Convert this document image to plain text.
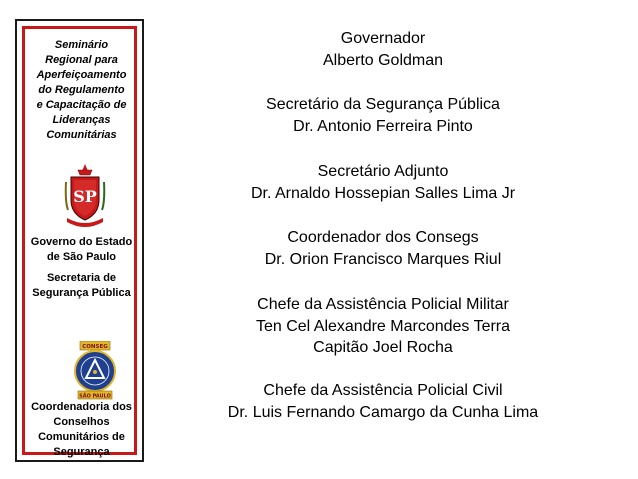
Seminário
Regional para
Aperfeiçoamento
do Regulamento
e Capacitação de
Lideranças
Comunitárias
SP
Governo do Estado
de São Paulo
Secretaria de
Segurança Pública
CONSEG
SÃO PAULO
Coordenadoria dos
Conselhos
Comunitários de
Segurança
Governador
Alberto Goldman
Secretário da Segurança Pública
Dr. Antonio Ferreira Pinto
Secretário Adjunto
Dr. Arnaldo Hossepian Salles Lima Jr
Coordenador dos Consegs
Dr. Orion Francisco Marques Riul
Chefe da Assistência Policial Militar
Ten Cel Alexandre Marcondes Terra
Capitão Joel Rocha
Chefe da Assistência Policial Civil
Dr. Luis Fernando Camargo da Cunha Lima
